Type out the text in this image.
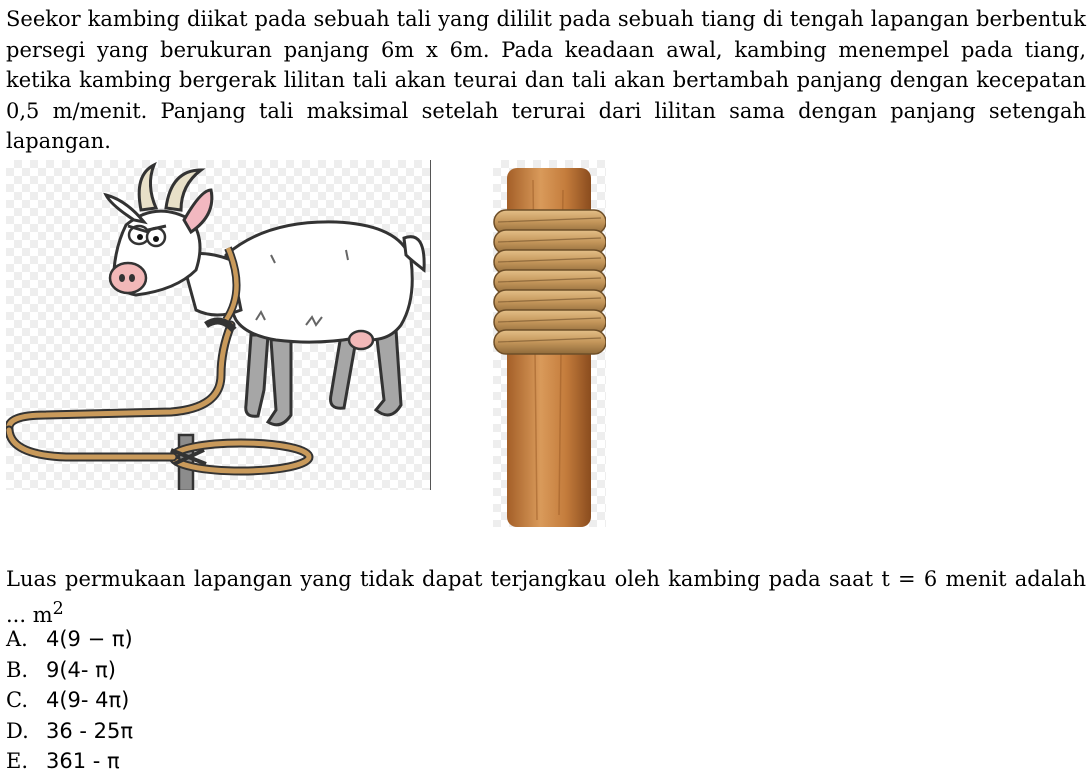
Seekor kambing diikat pada sebuah tali yang dililit pada sebuah tiang di tengah lapangan berbentuk persegi yang berukuran panjang 6m x 6m. Pada keadaan awal, kambing menempel pada tiang, ketika kambing bergerak lilitan tali akan teurai dan tali akan bertambah panjang dengan kecepatan 0,5 m/menit. Panjang tali maksimal setelah terurai dari lilitan sama dengan panjang setengah lapangan.

Luas permukaan lapangan yang tidak dapat terjangkau oleh kambing pada saat t = 6 menit adalah ... $m^2$

A. 4(9 − π)
B. 9(4- π)
C. 4(9- 4π)
D. 36 - 25π
E. 361 - π
